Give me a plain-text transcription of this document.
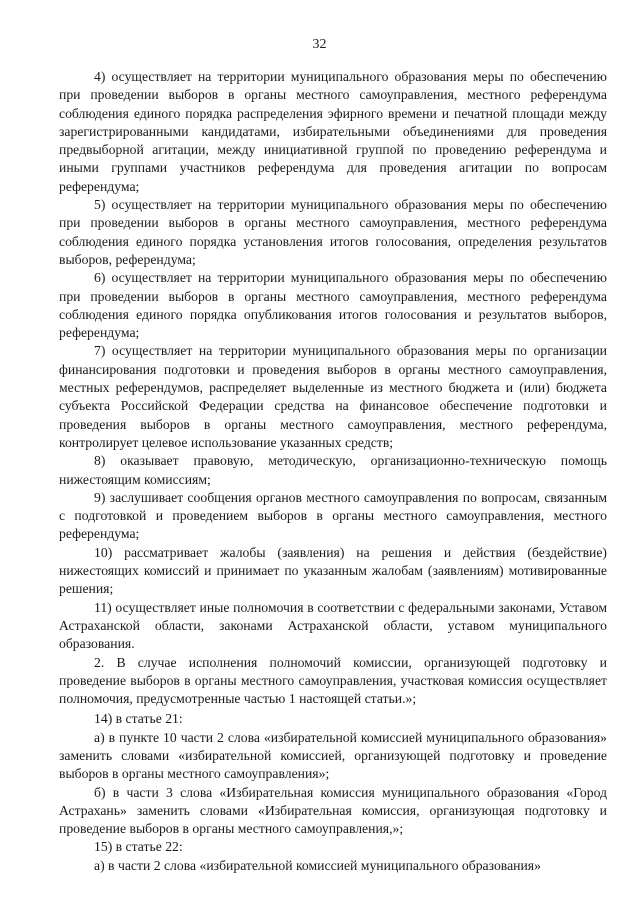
32

4) осуществляет на территории муниципального образования меры по обеспечению при проведении выборов в органы местного самоуправления, местного референдума соблюдения единого порядка распределения эфирного времени и печатной площади между зарегистрированными кандидатами, избирательными объединениями для проведения предвыборной агитации, между инициативной группой по проведению референдума и иными группами участников референдума для проведения агитации по вопросам референдума;

5) осуществляет на территории муниципального образования меры по обеспечению при проведении выборов в органы местного самоуправления, местного референдума соблюдения единого порядка установления итогов голосования, определения результатов выборов, референдума;

6) осуществляет на территории муниципального образования меры по обеспечению при проведении выборов в органы местного самоуправления, местного референдума соблюдения единого порядка опубликования итогов голосования и результатов выборов, референдума;

7) осуществляет на территории муниципального образования меры по организации финансирования подготовки и проведения выборов в органы местного самоуправления, местных референдумов, распределяет выделенные из местного бюджета и (или) бюджета субъекта Российской Федерации средства на финансовое обеспечение подготовки и проведения выборов в органы местного самоуправления, местного референдума, контролирует целевое использование указанных средств;

8) оказывает правовую, методическую, организационно-техническую помощь нижестоящим комиссиям;

9) заслушивает сообщения органов местного самоуправления по вопросам, связанным с подготовкой и проведением выборов в органы местного самоуправления, местного референдума;

10) рассматривает жалобы (заявления) на решения и действия (бездействие) нижестоящих комиссий и принимает по указанным жалобам (заявлениям) мотивированные решения;

11) осуществляет иные полномочия в соответствии с федеральными законами, Уставом Астраханской области, законами Астраханской области, уставом муниципального образования.

2. В случае исполнения полномочий комиссии, организующей подготовку и проведение выборов в органы местного самоуправления, участковая комиссия осуществляет полномочия, предусмотренные частью 1 настоящей статьи.»;

14) в статье 21:

а) в пункте 10 части 2 слова «избирательной комиссией муниципального образования» заменить словами «избирательной комиссией, организующей подготовку и проведение выборов в органы местного самоуправления»;

б) в части 3 слова «Избирательная комиссия муниципального образования «Город Астрахань» заменить словами «Избирательная комиссия, организующая подготовку и проведение выборов в органы местного самоуправления,»;

15) в статье 22:

а) в части 2 слова «избирательной комиссией муниципального образования»
